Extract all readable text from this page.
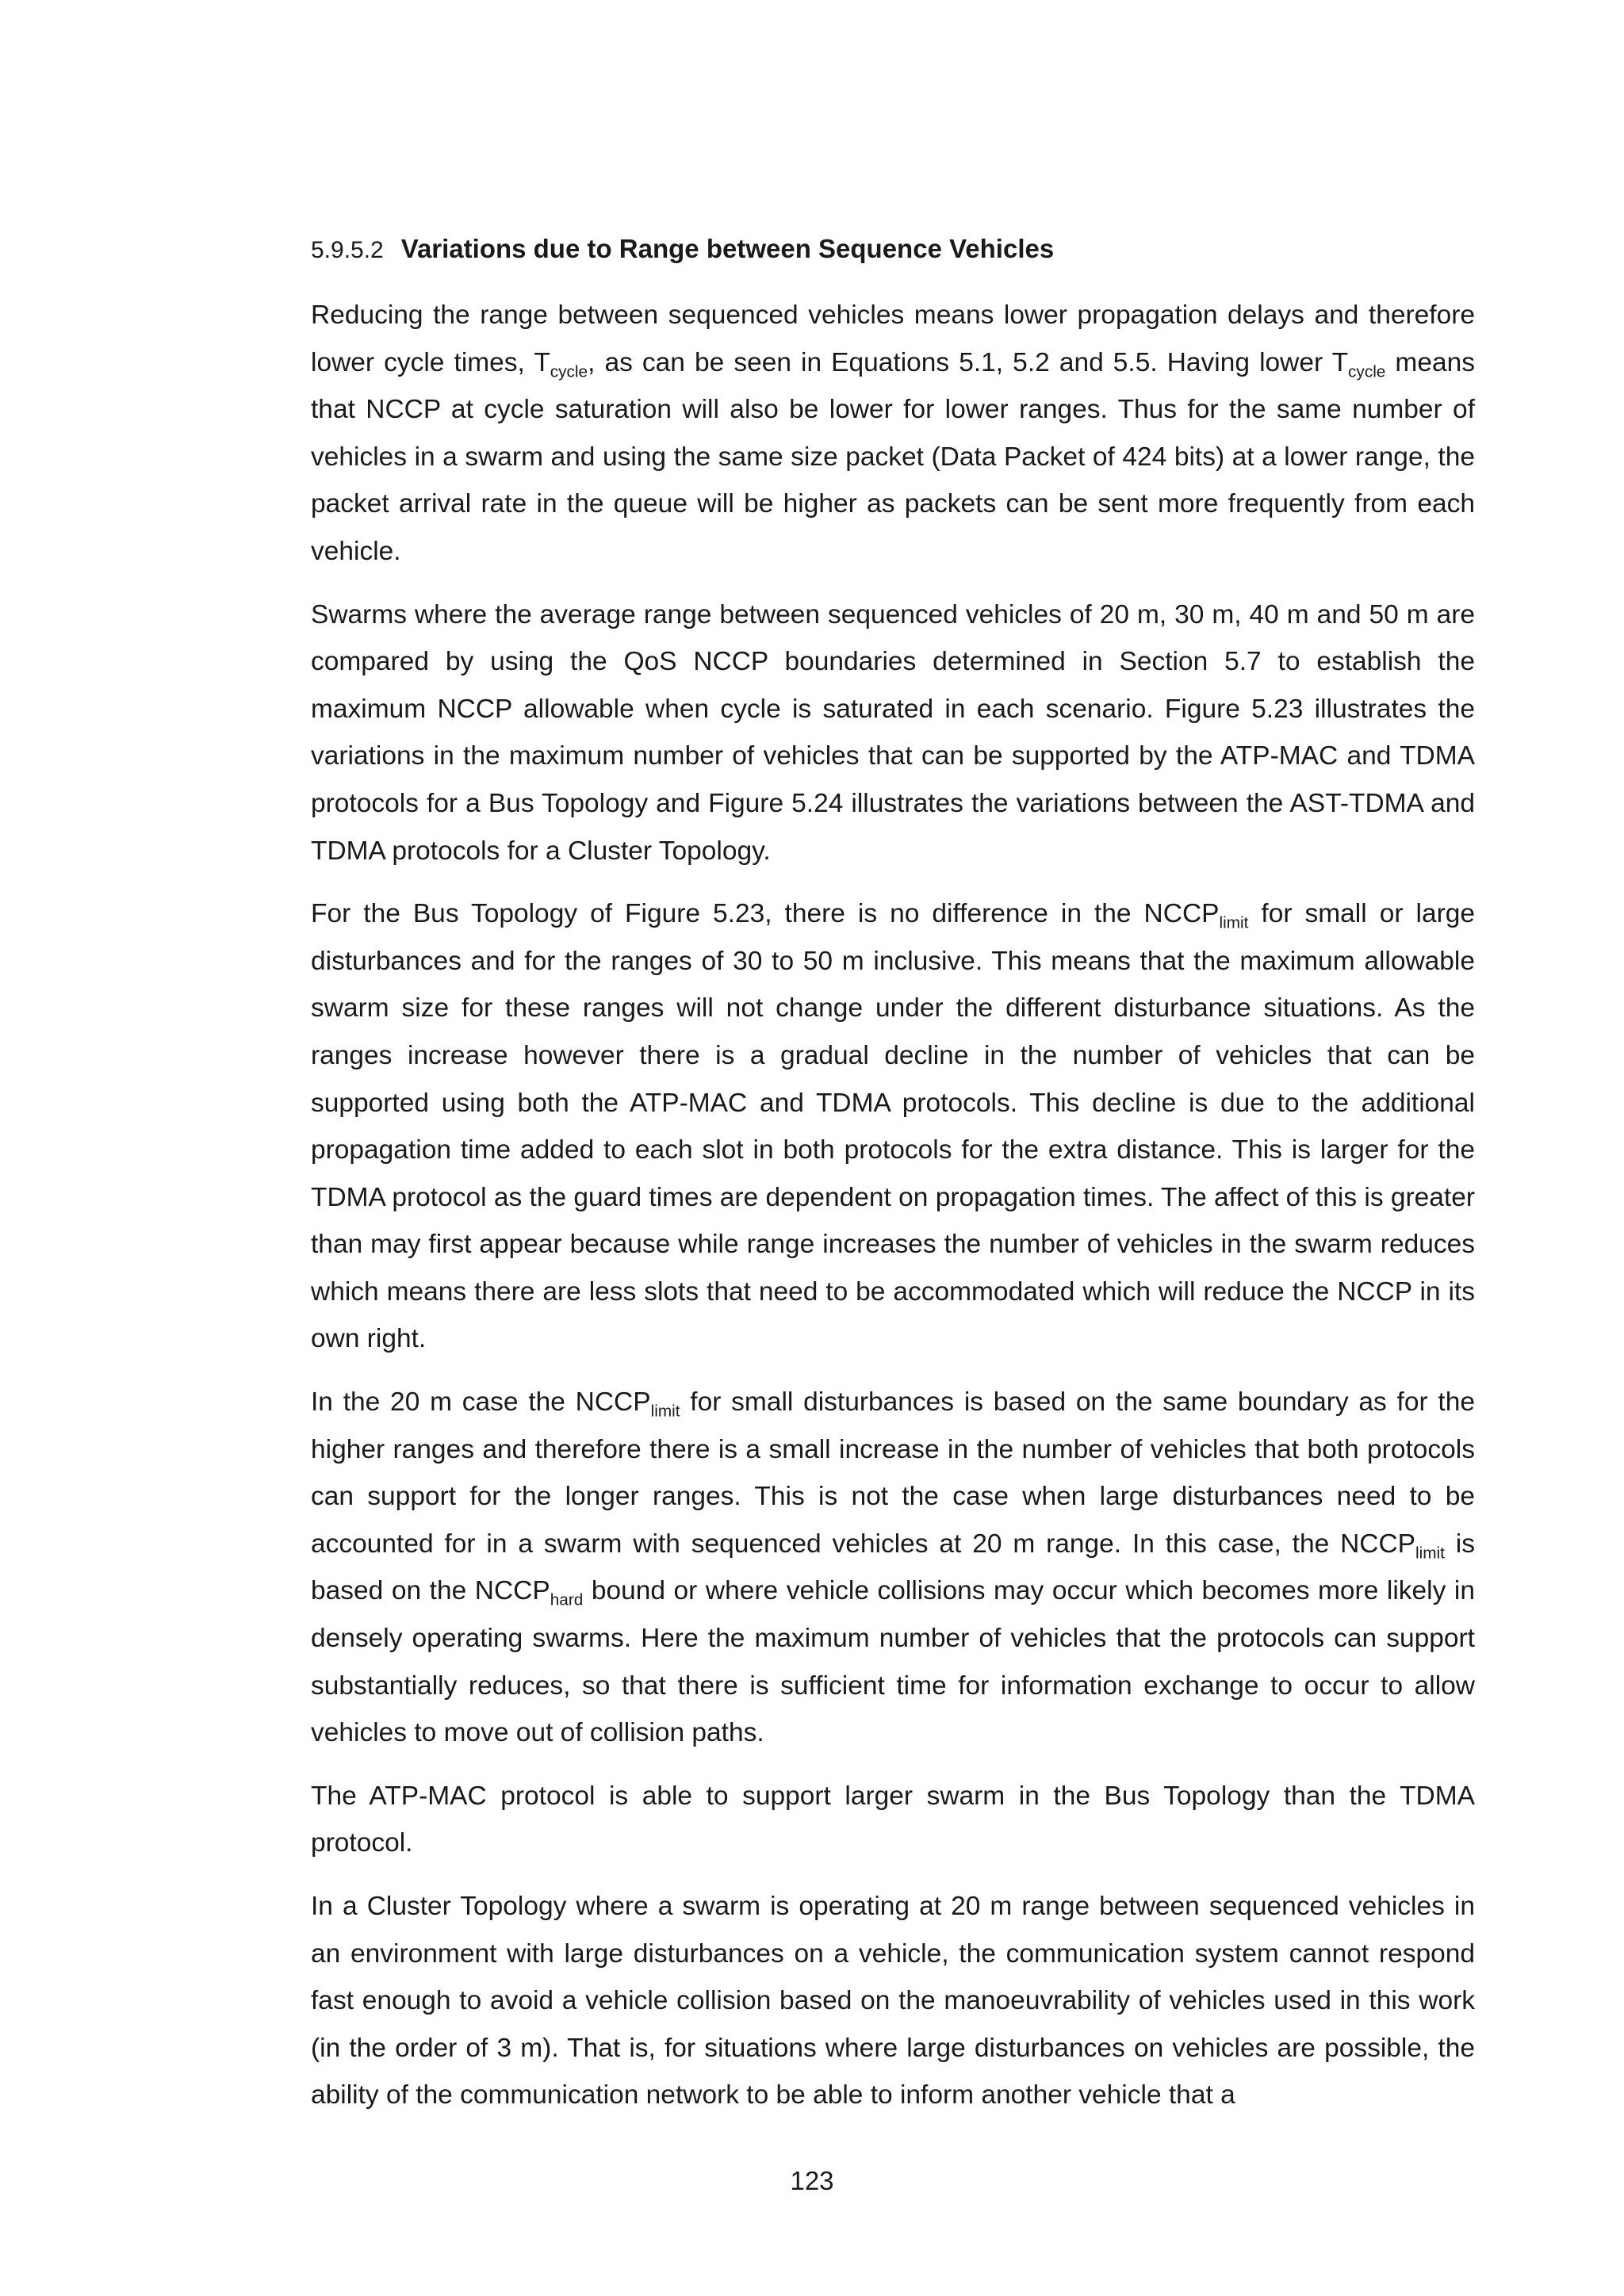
5.9.5.2 Variations due to Range between Sequence Vehicles

Reducing the range between sequenced vehicles means lower propagation delays and therefore lower cycle times, $T_{cycle}$, as can be seen in Equations 5.1, 5.2 and 5.5. Having lower $T_{cycle}$ means that NCCP at cycle saturation will also be lower for lower ranges. Thus for the same number of vehicles in a swarm and using the same size packet (Data Packet of 424 bits) at a lower range, the packet arrival rate in the queue will be higher as packets can be sent more frequently from each vehicle.

Swarms where the average range between sequenced vehicles of 20 m, 30 m, 40 m and 50 m are compared by using the QoS NCCP boundaries determined in Section 5.7 to establish the maximum NCCP allowable when cycle is saturated in each scenario. Figure 5.23 illustrates the variations in the maximum number of vehicles that can be supported by the ATP-MAC and TDMA protocols for a Bus Topology and Figure 5.24 illustrates the variations between the AST-TDMA and TDMA protocols for a Cluster Topology.

For the Bus Topology of Figure 5.23, there is no difference in the $NCCP_{limit}$ for small or large disturbances and for the ranges of 30 to 50 m inclusive. This means that the maximum allowable swarm size for these ranges will not change under the different disturbance situations. As the ranges increase however there is a gradual decline in the number of vehicles that can be supported using both the ATP-MAC and TDMA protocols. This decline is due to the additional propagation time added to each slot in both protocols for the extra distance. This is larger for the TDMA protocol as the guard times are dependent on propagation times. The affect of this is greater than may first appear because while range increases the number of vehicles in the swarm reduces which means there are less slots that need to be accommodated which will reduce the NCCP in its own right.

In the 20 m case the $NCCP_{limit}$ for small disturbances is based on the same boundary as for the higher ranges and therefore there is a small increase in the number of vehicles that both protocols can support for the longer ranges. This is not the case when large disturbances need to be accounted for in a swarm with sequenced vehicles at 20 m range. In this case, the $NCCP_{limit}$ is based on the $NCCP_{hard}$ bound or where vehicle collisions may occur which becomes more likely in densely operating swarms. Here the maximum number of vehicles that the protocols can support substantially reduces, so that there is sufficient time for information exchange to occur to allow vehicles to move out of collision paths.

The ATP-MAC protocol is able to support larger swarm in the Bus Topology than the TDMA protocol.

In a Cluster Topology where a swarm is operating at 20 m range between sequenced vehicles in an environment with large disturbances on a vehicle, the communication system cannot respond fast enough to avoid a vehicle collision based on the manoeuvrability of vehicles used in this work (in the order of 3 m). That is, for situations where large disturbances on vehicles are possible, the ability of the communication network to be able to inform another vehicle that a

123
